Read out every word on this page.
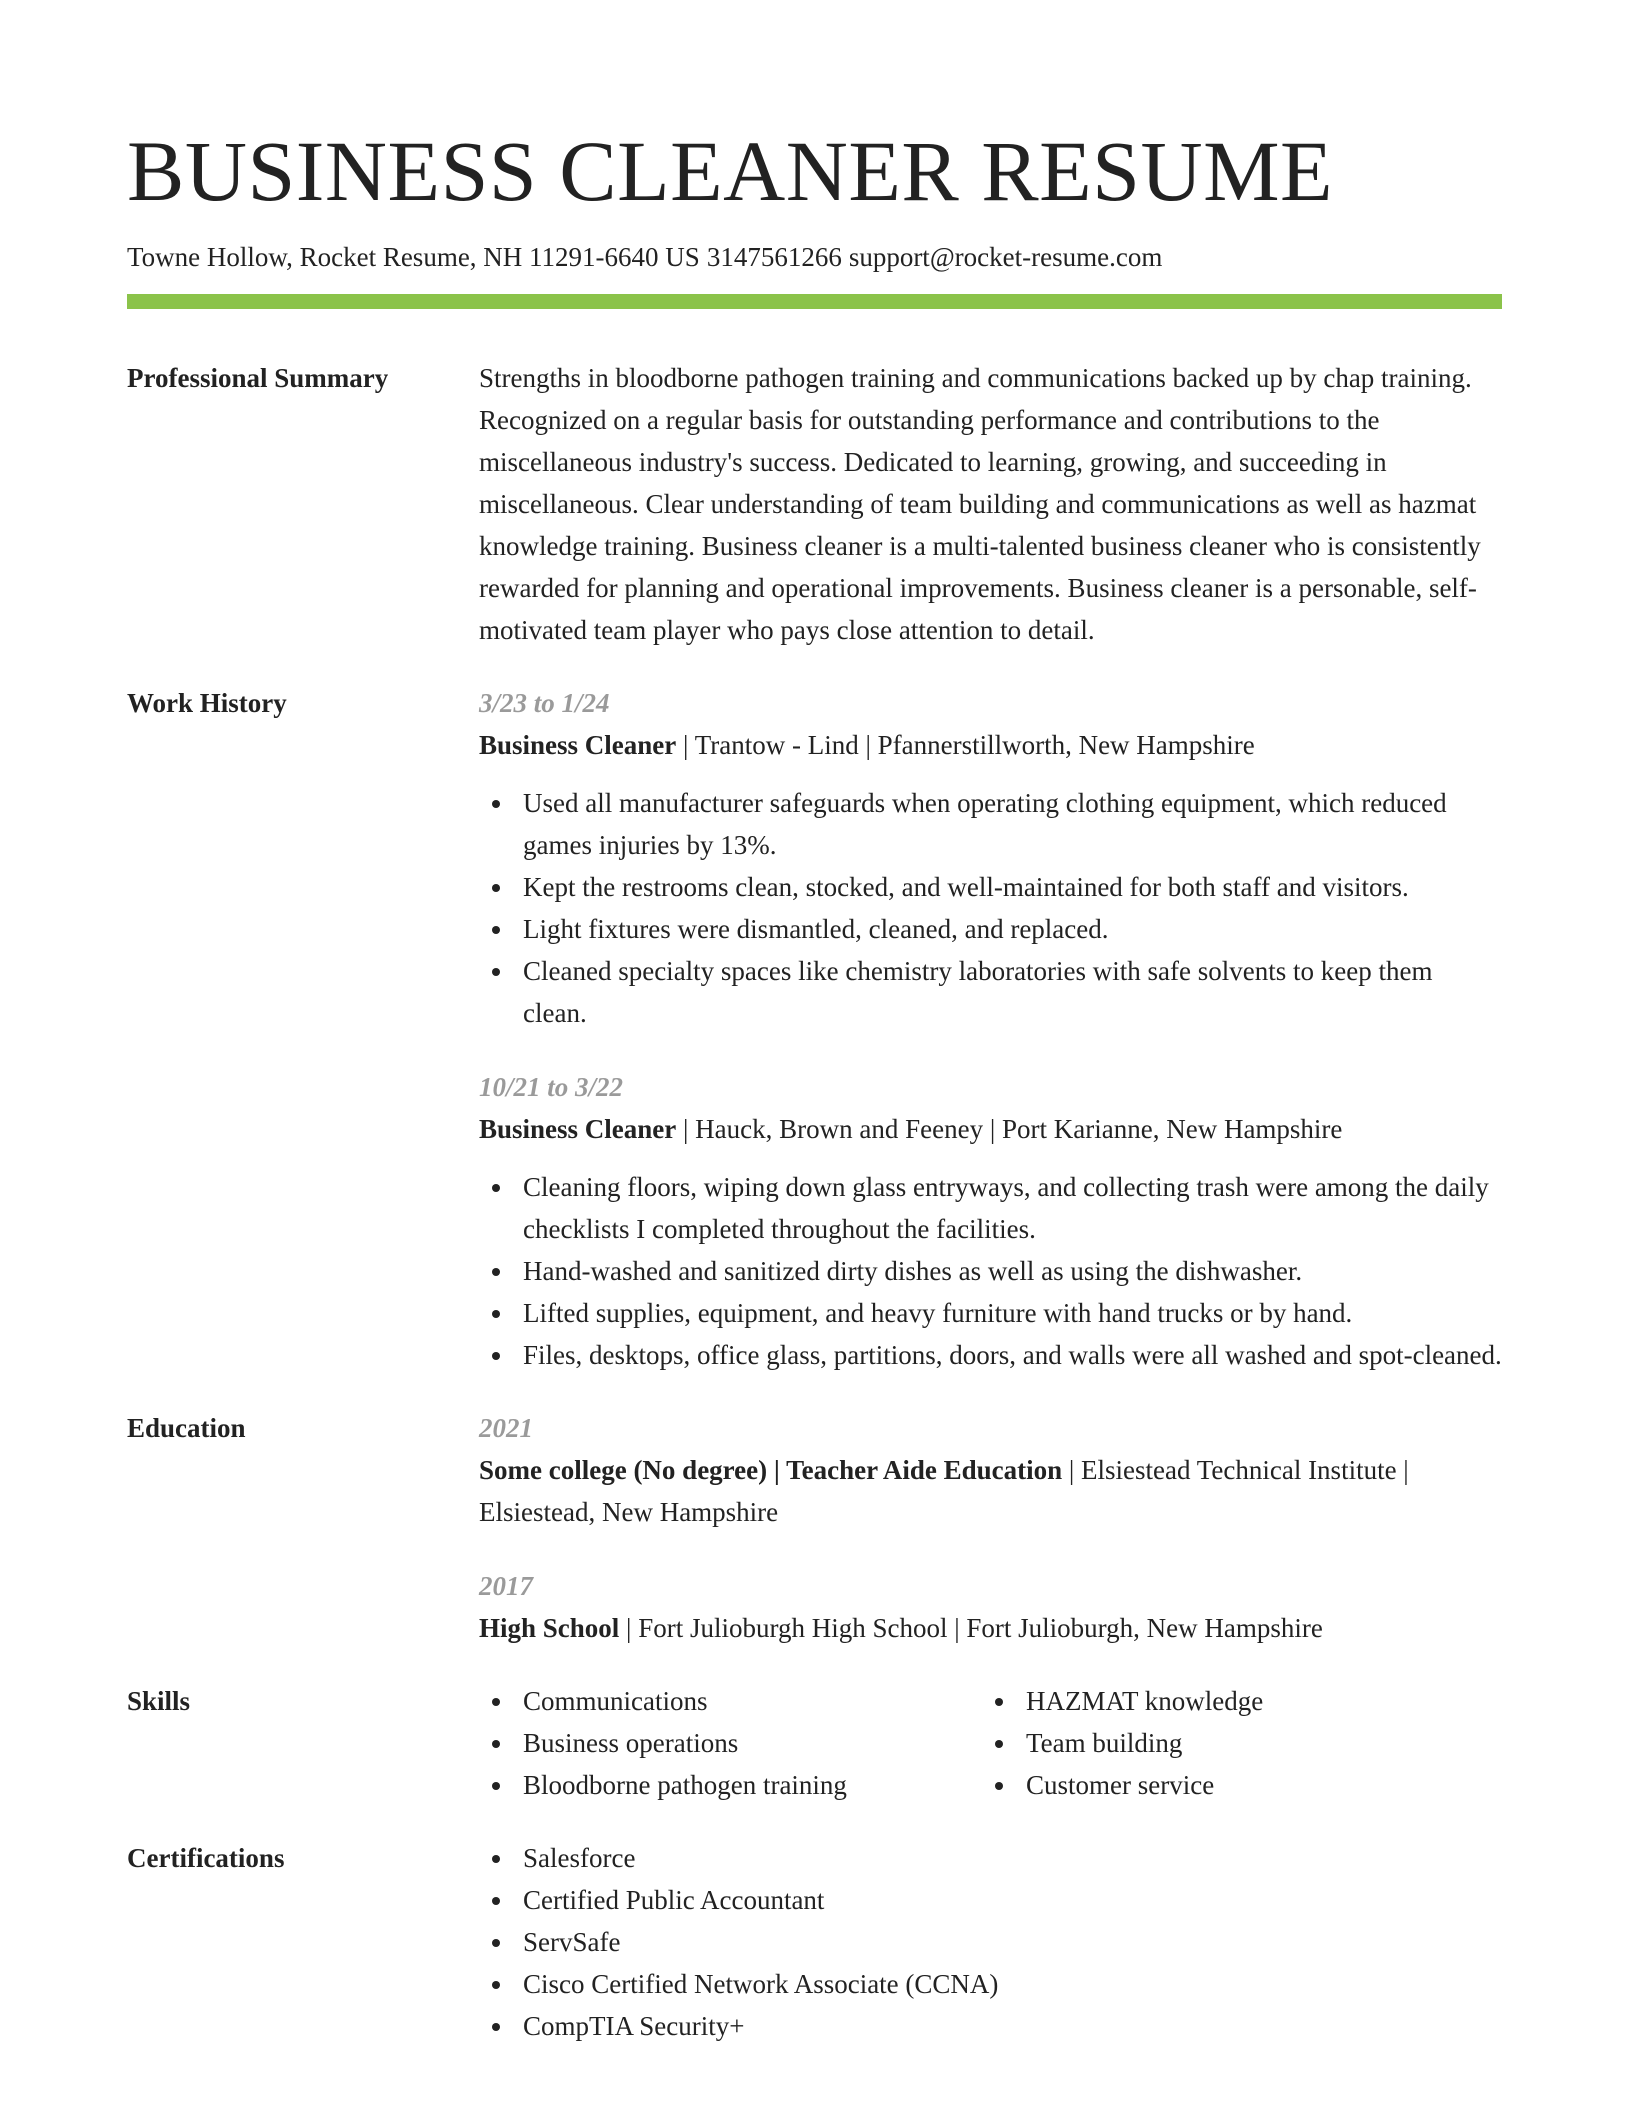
BUSINESS CLEANER RESUME
Towne Hollow, Rocket Resume, NH 11291-6640 US 3147561266 support@rocket-resume.com
Professional Summary	Strengths in bloodborne pathogen training and communications backed up by chap training. Recognized on a regular basis for outstanding performance and contributions to the miscellaneous industry's success. Dedicated to learning, growing, and succeeding in miscellaneous. Clear understanding of team building and communications as well as hazmat knowledge training. Business cleaner is a multi-talented business cleaner who is consistently rewarded for planning and operational improvements. Business cleaner is a personable, self-motivated team player who pays close attention to detail.
Work History	3/23 to 1/24
Business Cleaner | Trantow - Lind | Pfannerstillworth, New Hampshire
Used all manufacturer safeguards when operating clothing equipment, which reduced games injuries by 13%.
Kept the restrooms clean, stocked, and well-maintained for both staff and visitors.
Light fixtures were dismantled, cleaned, and replaced.
Cleaned specialty spaces like chemistry laboratories with safe solvents to keep them clean.
10/21 to 3/22
Business Cleaner | Hauck, Brown and Feeney | Port Karianne, New Hampshire
Cleaning floors, wiping down glass entryways, and collecting trash were among the daily checklists I completed throughout the facilities.
Hand-washed and sanitized dirty dishes as well as using the dishwasher.
Lifted supplies, equipment, and heavy furniture with hand trucks or by hand.
Files, desktops, office glass, partitions, doors, and walls were all washed and spot-cleaned.
Education	2021
Some college (No degree) | Teacher Aide Education | Elsiestead Technical Institute | Elsiestead, New Hampshire
2017
High School | Fort Julioburgh High School | Fort Julioburgh, New Hampshire
Skills	Communications
Business operations
Bloodborne pathogen training
HAZMAT knowledge
Team building
Customer service
Certifications	Salesforce
Certified Public Accountant
ServSafe
Cisco Certified Network Associate (CCNA)
CompTIA Security+
